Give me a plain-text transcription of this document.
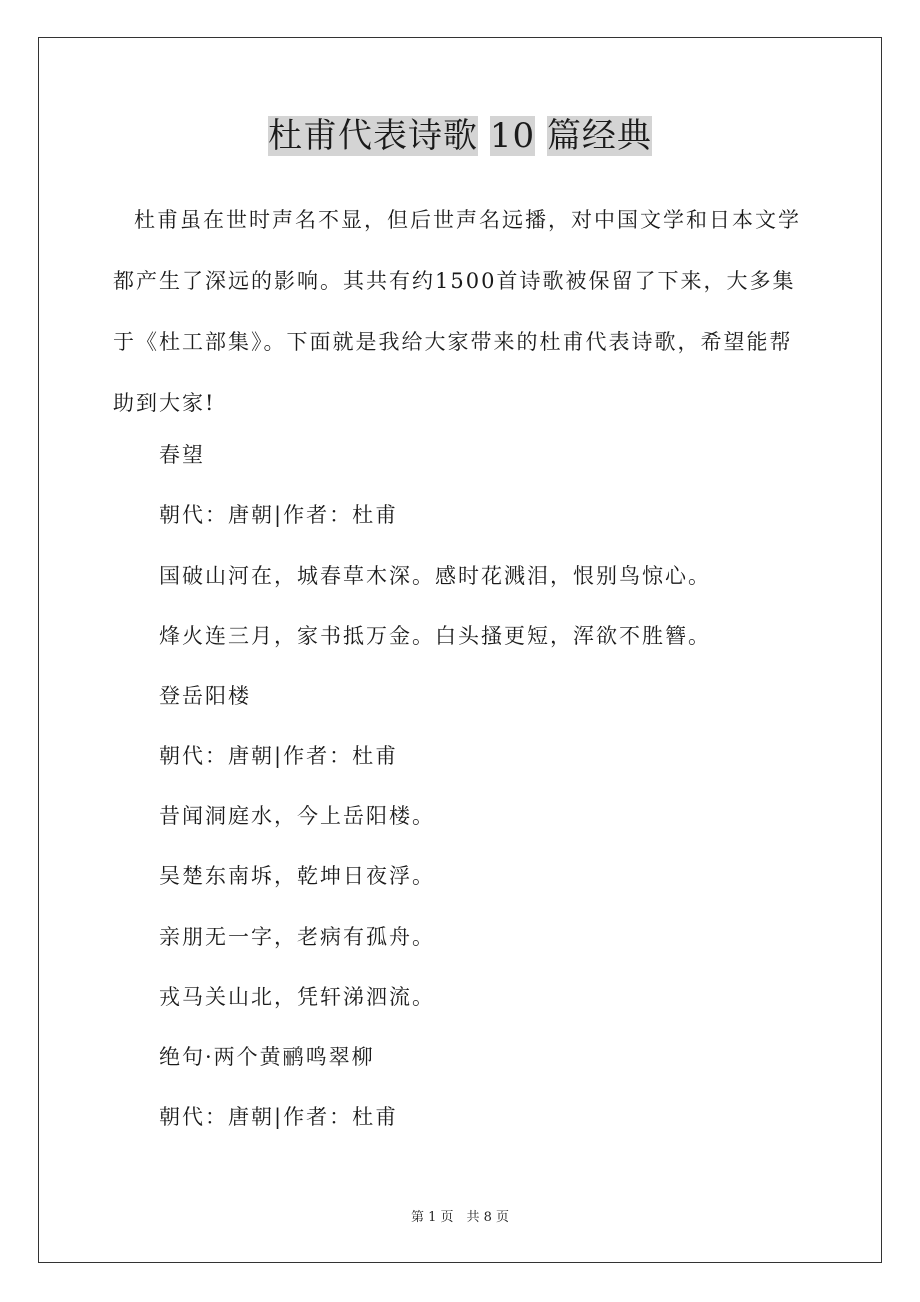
杜甫代表诗歌 10 篇经典

杜甫虽在世时声名不显，但后世声名远播，对中国文学和日本文学都产生了深远的影响。其共有约1500首诗歌被保留了下来，大多集于《杜工部集》。下面就是我给大家带来的杜甫代表诗歌，希望能帮助到大家!

春望
朝代：唐朝|作者：杜甫
国破山河在，城春草木深。感时花溅泪，恨别鸟惊心。
烽火连三月，家书抵万金。白头搔更短，浑欲不胜簪。
登岳阳楼
朝代：唐朝|作者：杜甫
昔闻洞庭水，今上岳阳楼。
吴楚东南坼，乾坤日夜浮。
亲朋无一字，老病有孤舟。
戎马关山北，凭轩涕泗流。
绝句·两个黄鹂鸣翠柳
朝代：唐朝|作者：杜甫
第 1 页　共 8 页
